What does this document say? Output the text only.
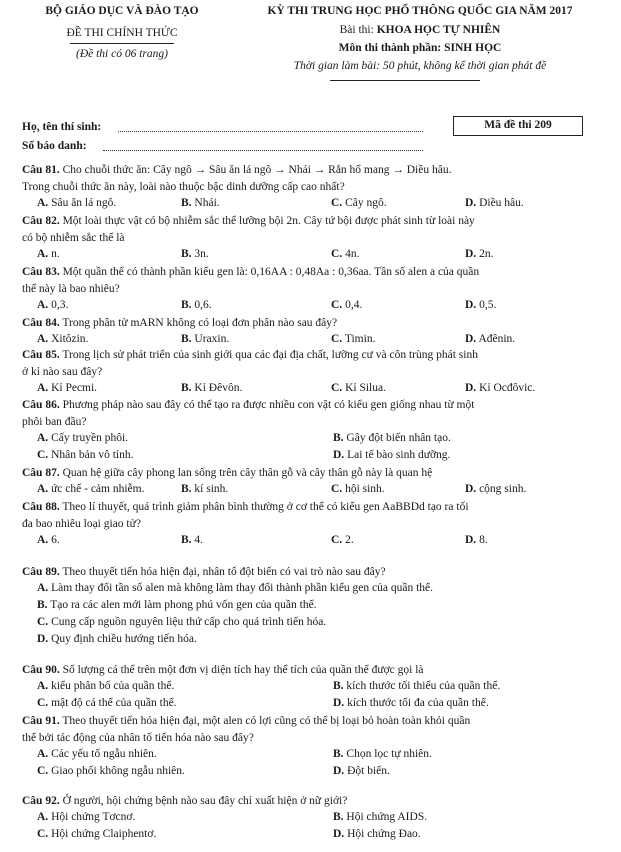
BỘ GIÁO DỤC VÀ ĐÀO TẠO
ĐỀ THI CHÍNH THỨC
(Đề thi có 06 trang)
KỲ THI TRUNG HỌC PHỔ THÔNG QUỐC GIA NĂM 2017
Bài thi: KHOA HỌC TỰ NHIÊN
Môn thi thành phần: SINH HỌC
Thời gian làm bài: 50 phút, không kể thời gian phát đề
Họ, tên thí sinh:
Số báo danh:
Mã đề thi 209
Câu 81. Cho chuỗi thức ăn: Cây ngô → Sâu ăn lá ngô → Nhái → Rắn hổ mang → Diều hâu.
Trong chuỗi thức ăn này, loài nào thuộc bậc dinh dưỡng cấp cao nhất?
A. Sâu ăn lá ngô.	B. Nhái.	C. Cây ngô.	D. Diều hâu.
Câu 82. Một loài thực vật có bộ nhiễm sắc thể lưỡng bội 2n. Cây tứ bội được phát sinh từ loài này
có bộ nhiễm sắc thể là
A. n.	B. 3n.	C. 4n.	D. 2n.
Câu 83. Một quần thể có thành phần kiểu gen là: 0,16AA : 0,48Aa : 0,36aa. Tần số alen a của quần
thể này là bao nhiêu?
A. 0,3.	B. 0,6.	C. 0,4.	D. 0,5.
Câu 84. Trong phân tử mARN không có loại đơn phân nào sau đây?
A. Xitôzin.	B. Uraxin.	C. Timin.	D. Ađênin.
Câu 85. Trong lịch sử phát triển của sinh giới qua các đại địa chất, lưỡng cư và côn trùng phát sinh
ở kỉ nào sau đây?
A. Kỉ Pecmi.	B. Kỉ Đêvôn.	C. Kỉ Silua.	D. Kỉ Ocđôvic.
Câu 86. Phương pháp nào sau đây có thể tạo ra được nhiều con vật có kiểu gen giống nhau từ một
phôi ban đầu?
A. Cấy truyền phôi.	B. Gây đột biến nhân tạo.
C. Nhân bản vô tính.	D. Lai tế bào sinh dưỡng.
Câu 87. Quan hệ giữa cây phong lan sống trên cây thân gỗ và cây thân gỗ này là quan hệ
A. ức chế - cảm nhiễm.	B. kí sinh.	C. hội sinh.	D. cộng sinh.
Câu 88. Theo lí thuyết, quá trình giảm phân bình thường ở cơ thể có kiểu gen AaBBDd tạo ra tối
đa bao nhiêu loại giao tử?
A. 6.	B. 4.	C. 2.	D. 8.
Câu 89. Theo thuyết tiến hóa hiện đại, nhân tố đột biến có vai trò nào sau đây?
A. Làm thay đổi tần số alen mà không làm thay đổi thành phần kiểu gen của quần thể.
B. Tạo ra các alen mới làm phong phú vốn gen của quần thể.
C. Cung cấp nguồn nguyên liệu thứ cấp cho quá trình tiến hóa.
D. Quy định chiều hướng tiến hóa.
Câu 90. Số lượng cá thể trên một đơn vị diện tích hay thể tích của quần thể được gọi là
A. kiểu phân bố của quần thể.	B. kích thước tối thiểu của quần thể.
C. mật độ cá thể của quần thể.	D. kích thước tối đa của quần thể.
Câu 91. Theo thuyết tiến hóa hiện đại, một alen có lợi cũng có thể bị loại bỏ hoàn toàn khỏi quần
thể bởi tác động của nhân tố tiến hóa nào sau đây?
A. Các yếu tố ngẫu nhiên.	B. Chọn lọc tự nhiên.
C. Giao phối không ngẫu nhiên.	D. Đột biến.
Câu 92. Ở người, hội chứng bệnh nào sau đây chỉ xuất hiện ở nữ giới?
A. Hội chứng Tơcnơ.	B. Hội chứng AIDS.
C. Hội chứng Claiphentơ.	D. Hội chứng Đao.
